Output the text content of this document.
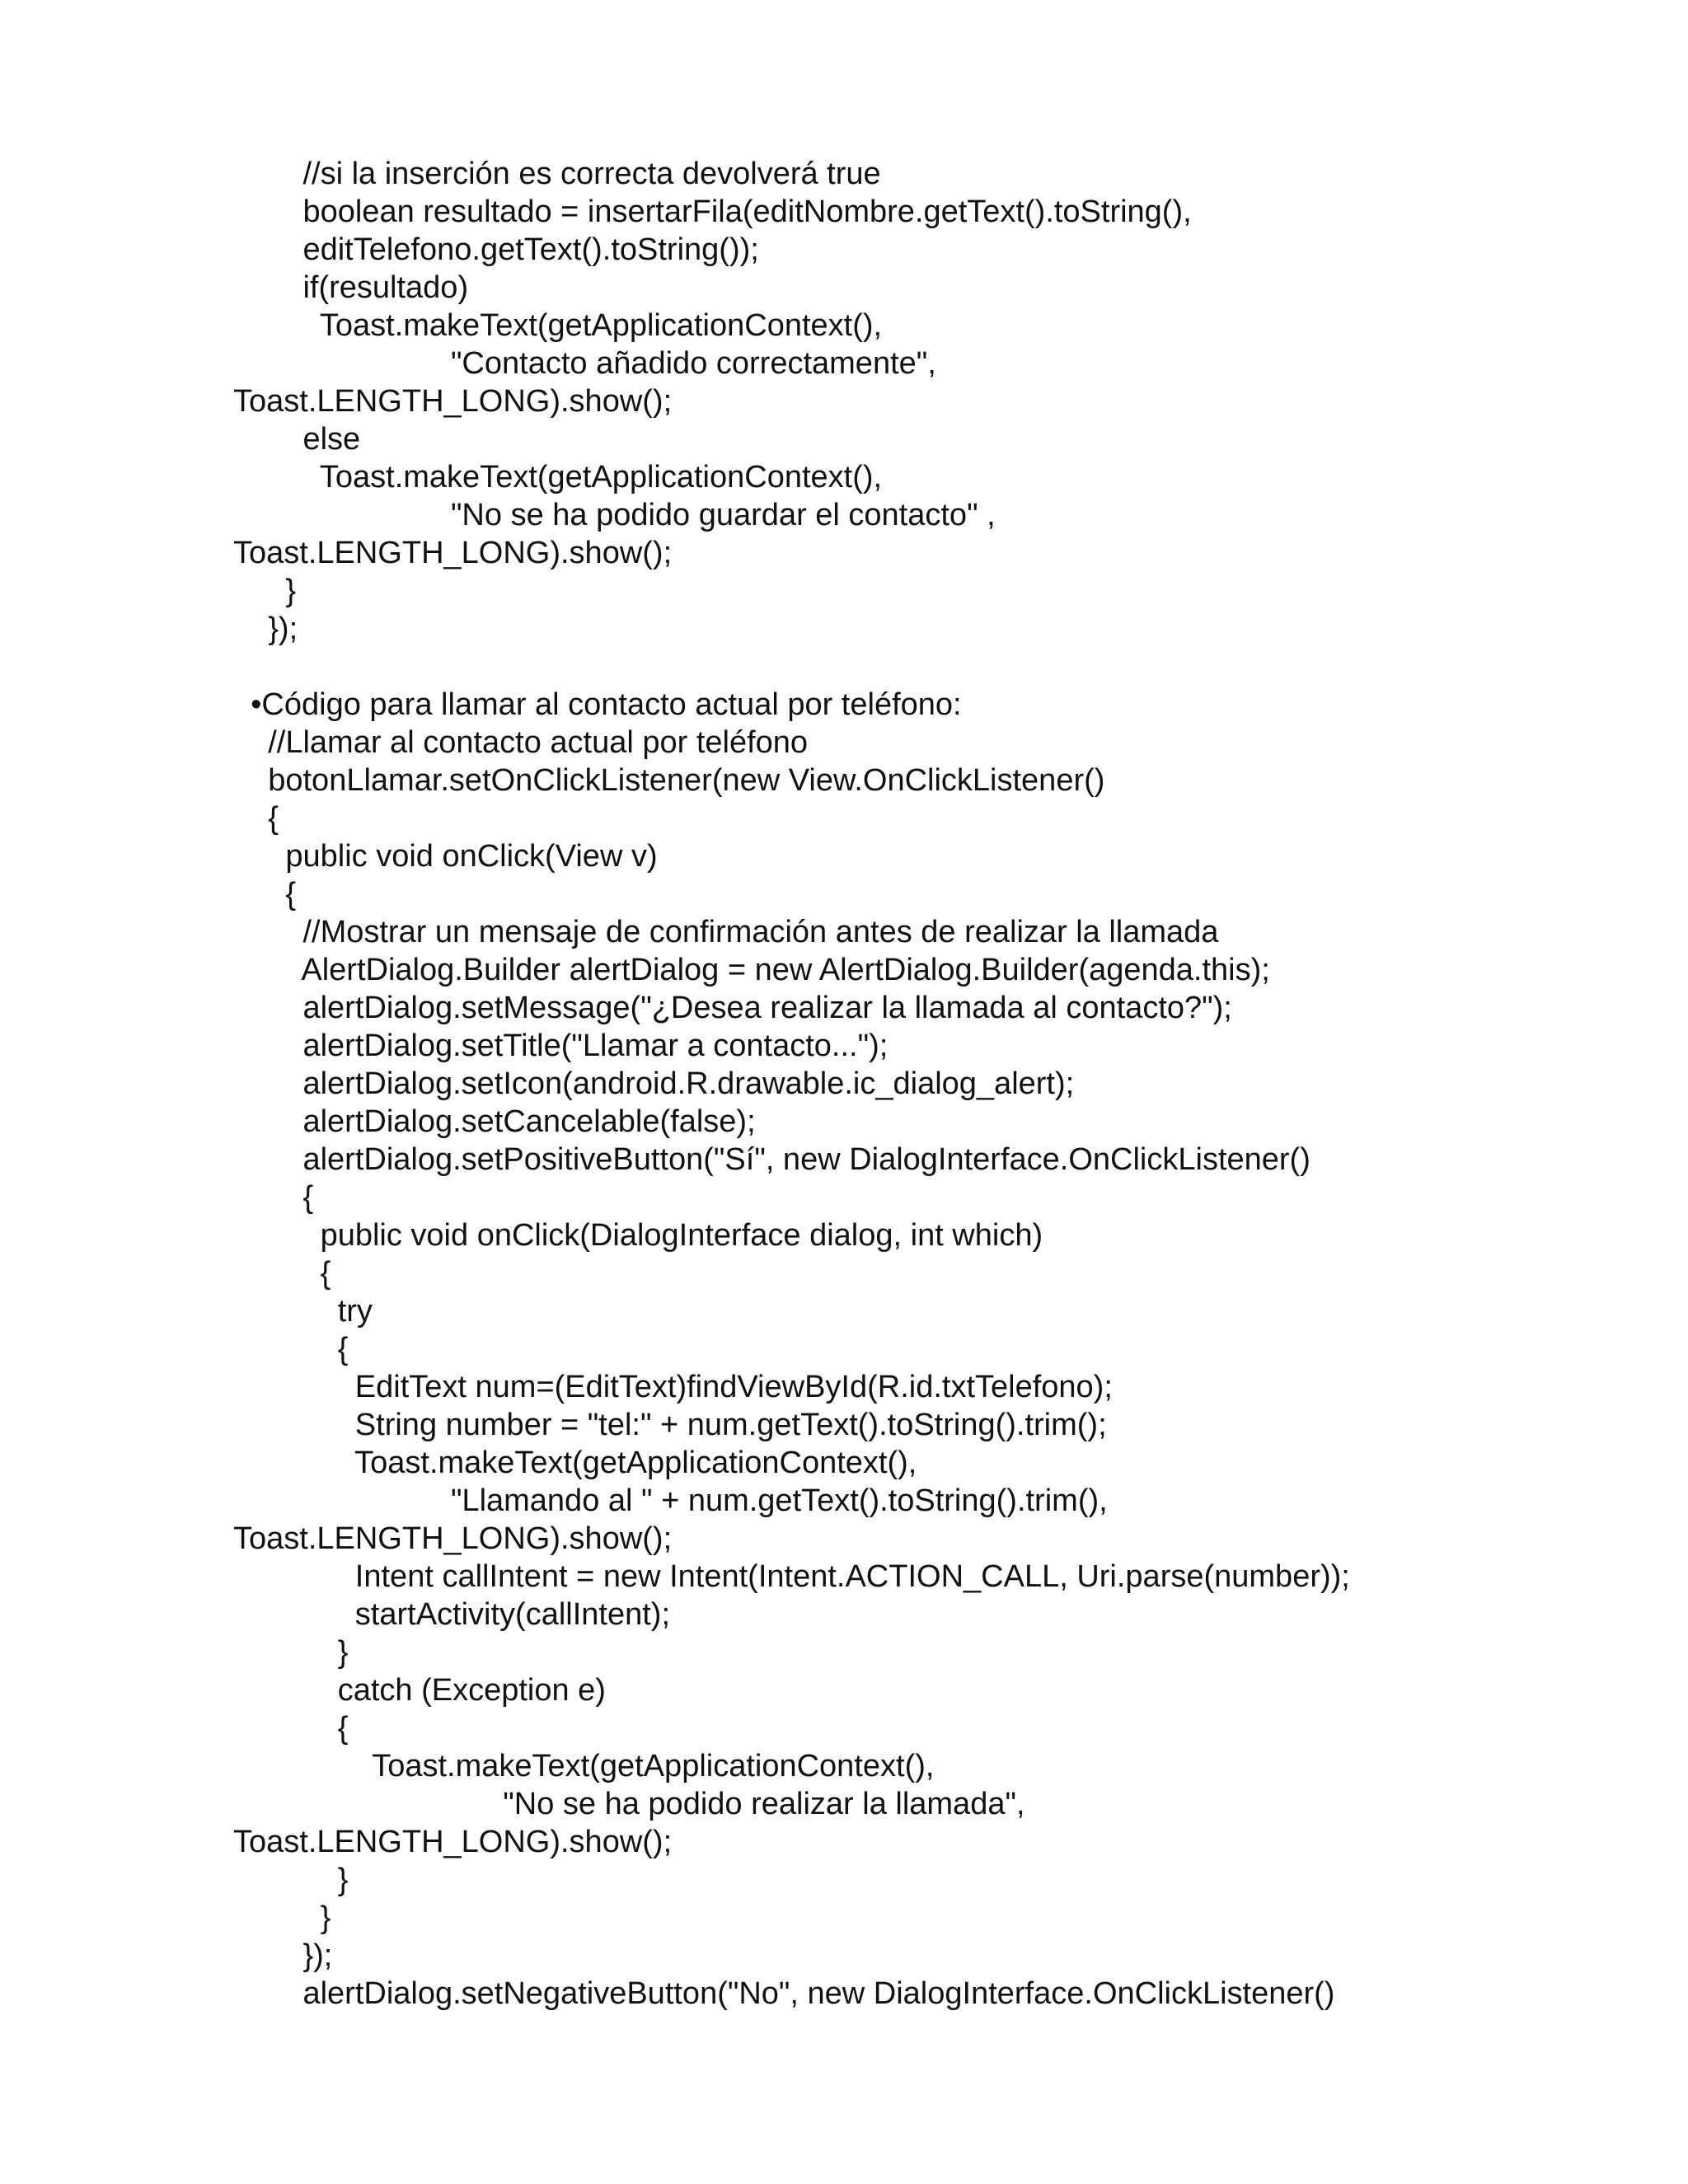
//si la inserción es correcta devolverá true
boolean resultado = insertarFila(editNombre.getText().toString(),
editTelefono.getText().toString());
if(resultado)
Toast.makeText(getApplicationContext(),
"Contacto añadido correctamente",
Toast.LENGTH_LONG).show();
else
Toast.makeText(getApplicationContext(),
"No se ha podido guardar el contacto" ,
Toast.LENGTH_LONG).show();
}
});
•Código para llamar al contacto actual por teléfono:
//Llamar al contacto actual por teléfono
botonLlamar.setOnClickListener(new View.OnClickListener()
{
public void onClick(View v)
{
//Mostrar un mensaje de confirmación antes de realizar la llamada
AlertDialog.Builder alertDialog = new AlertDialog.Builder(agenda.this);
alertDialog.setMessage("¿Desea realizar la llamada al contacto?");
alertDialog.setTitle("Llamar a contacto...");
alertDialog.setIcon(android.R.drawable.ic_dialog_alert);
alertDialog.setCancelable(false);
alertDialog.setPositiveButton("Sí", new DialogInterface.OnClickListener()
{
public void onClick(DialogInterface dialog, int which)
{
try
{
EditText num=(EditText)findViewById(R.id.txtTelefono);
String number = "tel:" + num.getText().toString().trim();
Toast.makeText(getApplicationContext(),
"Llamando al " + num.getText().toString().trim(),
Toast.LENGTH_LONG).show();
Intent callIntent = new Intent(Intent.ACTION_CALL, Uri.parse(number));
startActivity(callIntent);
}
catch (Exception e)
{
Toast.makeText(getApplicationContext(),
"No se ha podido realizar la llamada",
Toast.LENGTH_LONG).show();
}
}
});
alertDialog.setNegativeButton("No", new DialogInterface.OnClickListener()
